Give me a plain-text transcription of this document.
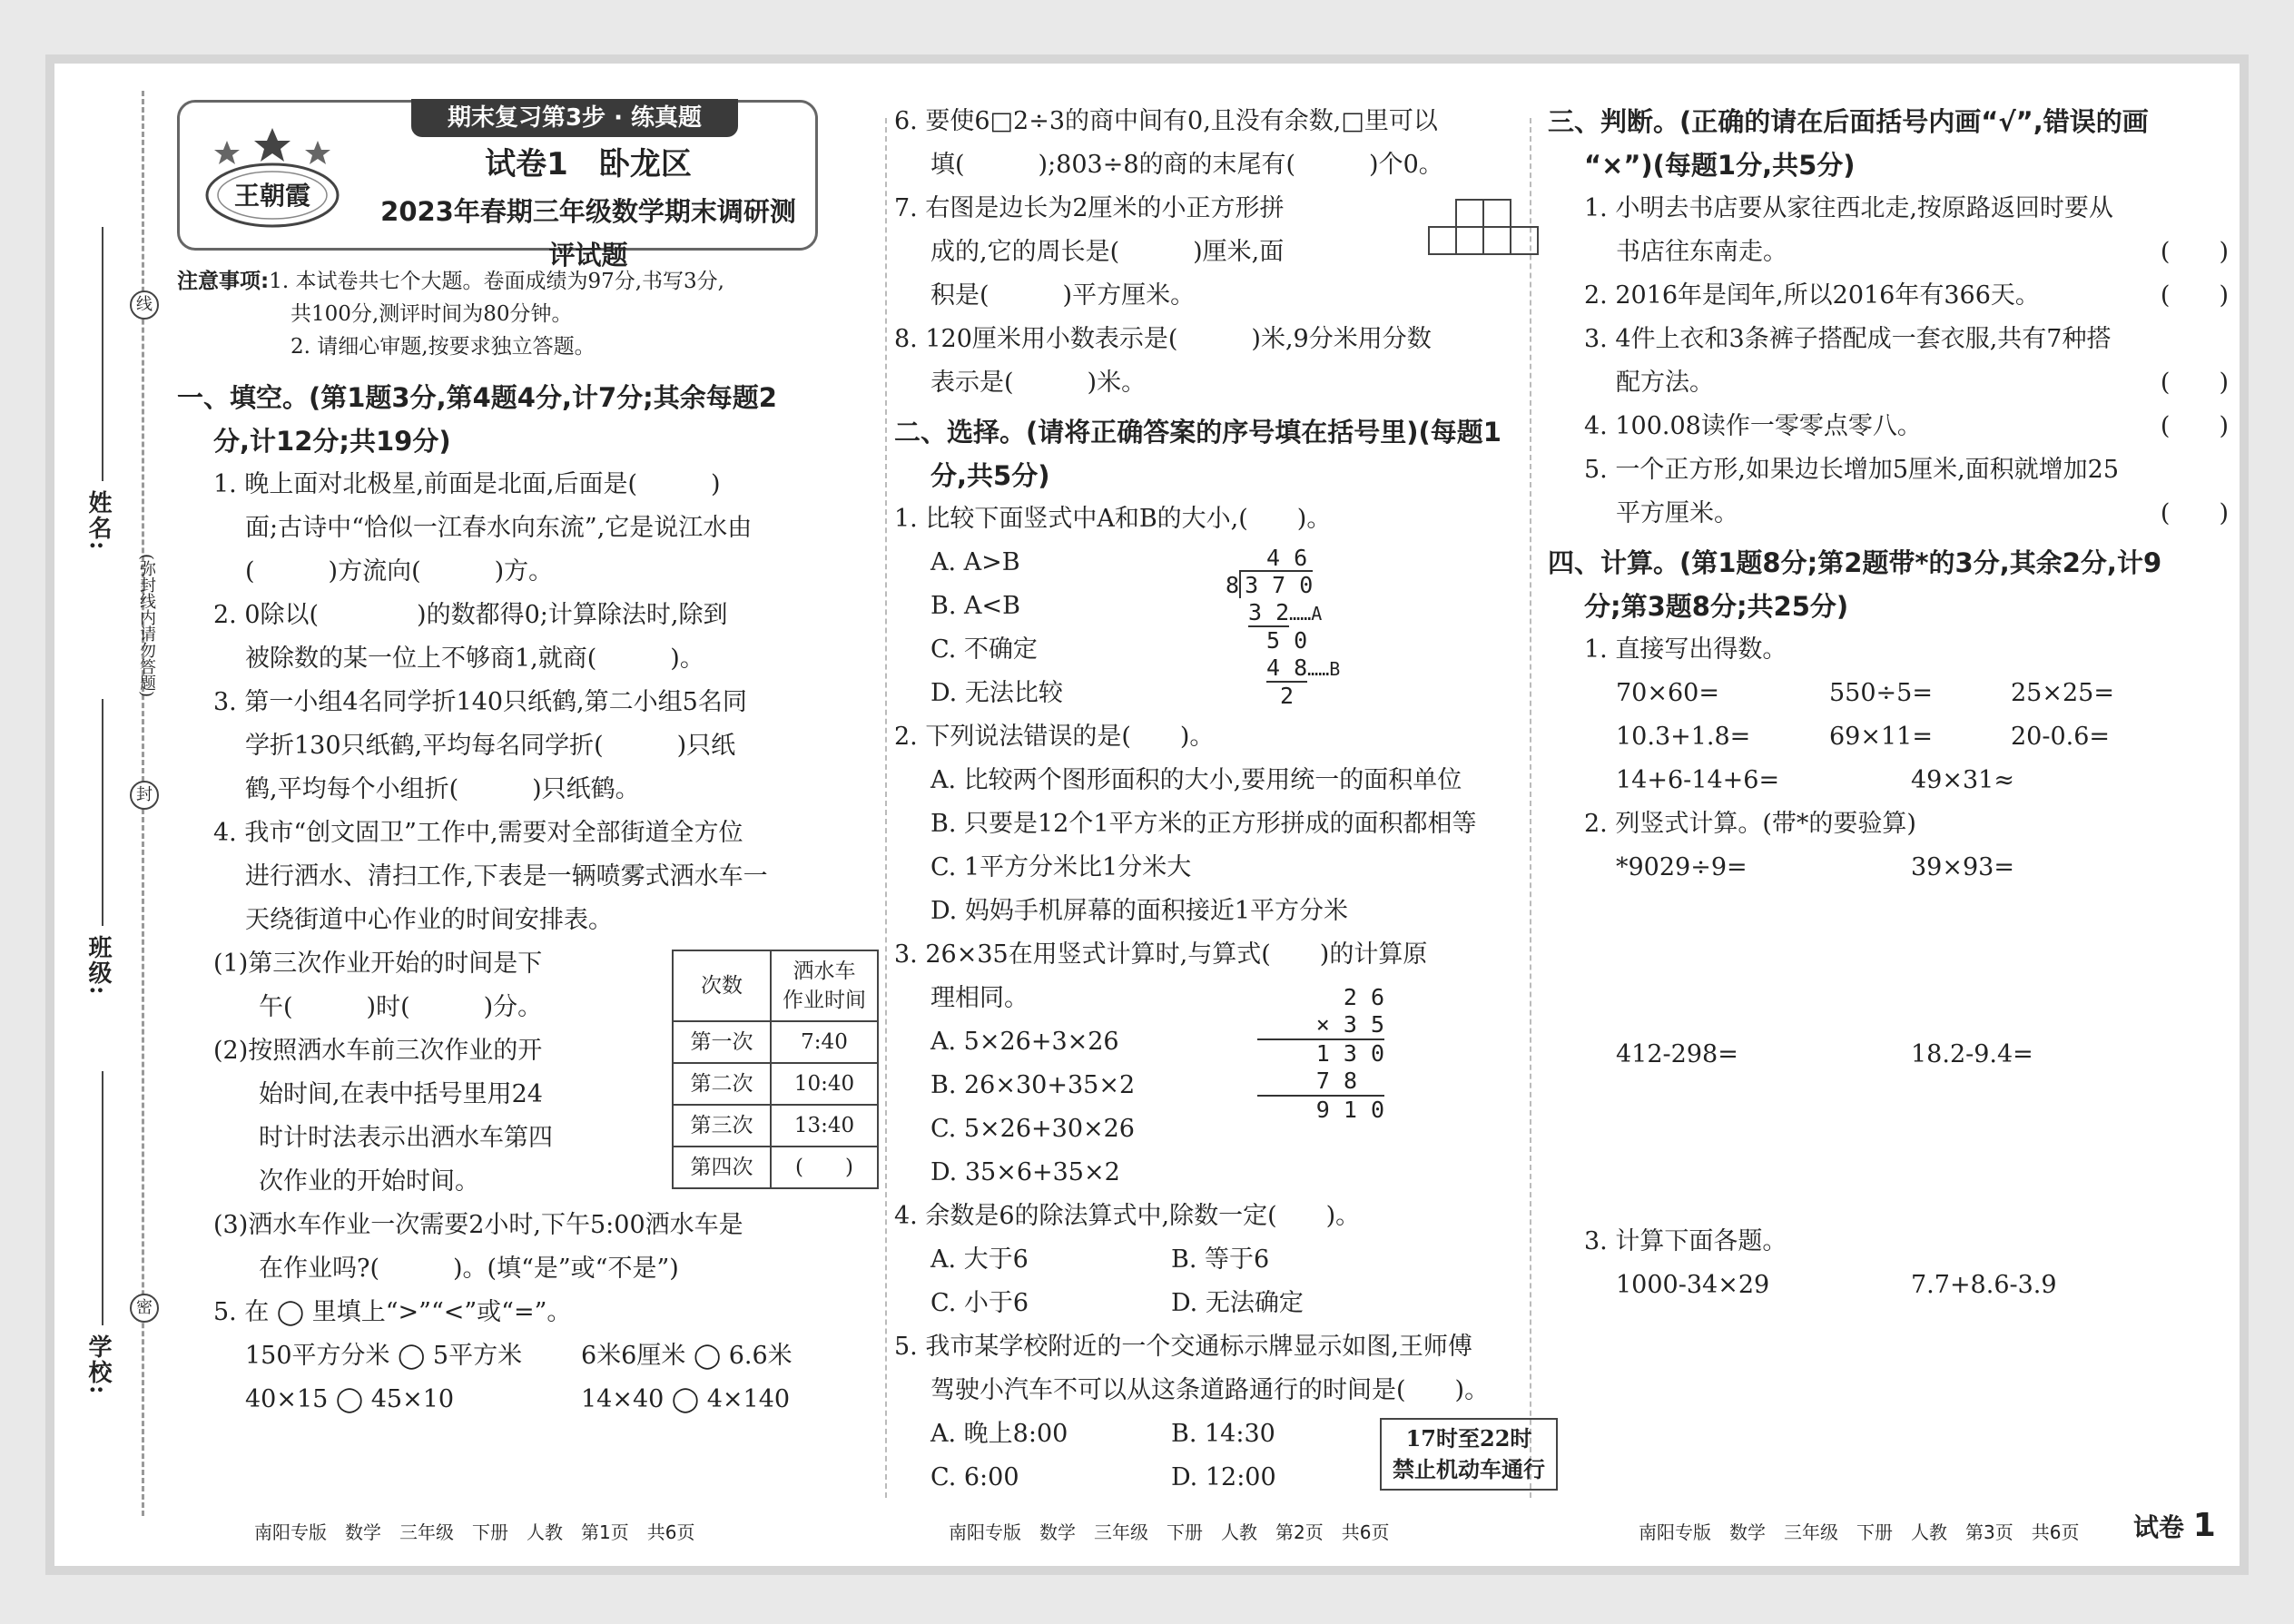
学校:
班级:
姓名:
线
封
密
(弥封线内请勿答题)
王朝霞
期末复习第3步 · 练真题
试卷1　卧龙区
2023年春期三年级数学期末调研测评试题
注意事项:1. 本试卷共七个大题。卷面成绩为97分,书写3分,
共100分,测评时间为80分钟。
2. 请细心审题,按要求独立答题。
一、填空。(第1题3分,第4题4分,计7分;其余每题2
分,计12分;共19分)
1. 晚上面对北极星,前面是北面,后面是(　　　)
面;古诗中“恰似一江春水向东流”,它是说江水由
(　　　)方流向(　　　)方。
2. 0除以(　　　　)的数都得0;计算除法时,除到
被除数的某一位上不够商1,就商(　　　)。
3. 第一小组4名同学折140只纸鹤,第二小组5名同
学折130只纸鹤,平均每名同学折(　　　)只纸
鹤,平均每个小组折(　　　)只纸鹤。
4. 我市“创文固卫”工作中,需要对全部街道全方位
进行洒水、清扫工作,下表是一辆喷雾式洒水车一
天绕街道中心作业的时间安排表。
(1)第三次作业开始的时间是下
午(　　　)时(　　　)分。
(2)按照洒水车前三次作业的开
始时间,在表中括号里用24
时计时法表示出洒水车第四
次数	洒水车
作业时间

第一次	7:40
第二次	10:40
第三次	13:40
第四次	(　　)
次作业的开始时间。
(3)洒水车作业一次需要2小时,下午5:00洒水车是
在作业吗?(　　　)。(填“是”或“不是”)
5. 在 ◯ 里填上“>”“<”或“=”。
150平方分米 ◯ 5平方米 6米6厘米 ◯ 6.6米
40×15 ◯ 45×10	14×40 ◯ 4×140
6. 要使6□2÷3的商中间有0,且没有余数,□里可以
填(　　　);803÷8的商的末尾有(　　　)个0。
7. 右图是边长为2厘米的小正方形拼
成的,它的周长是(　　　)厘米,面
积是(　　　)平方厘米。
8. 120厘米用小数表示是(　　　)米,9分米用分数
表示是(　　　)米。
二、选择。(请将正确答案的序号填在括号里)(每题1
分,共5分)
1. 比较下面竖式中A和B的大小,(　　)。
A. A>B
B. A<B
C. 不确定
D. 无法比较
4 6
8 3 7 0
3 2……A
5 0
4 8……B
2
2. 下列说法错误的是(　　)。
A. 比较两个图形面积的大小,要用统一的面积单位
B. 只要是12个1平方米的正方形拼成的面积都相等
C. 1平方分米比1分米大
D. 妈妈手机屏幕的面积接近1平方分米
3. 26×35在用竖式计算时,与算式(　　)的计算原
理相同。
A. 5×26+3×26
B. 26×30+35×2
C. 5×26+30×26
D. 35×6+35×2
2 6
× 3 5
1 3 0
7 8
9 1 0
4. 余数是6的除法算式中,除数一定(　　)。
A. 大于6	B. 等于6
C. 小于6	D. 无法确定
5. 我市某学校附近的一个交通标示牌显示如图,王师傅
驾驶小汽车不可以从这条道路通行的时间是(　　)。
A. 晚上8:00	B. 14:30
C. 6:00	D. 12:00
17时至22时
禁止机动车通行
三、判断。(正确的请在后面括号内画“√”,错误的画
“×”)(每题1分,共5分)
1. 小明去书店要从家往西北走,按原路返回时要从
书店往东南走。	(　　)
2. 2016年是闰年,所以2016年有366天。	(　　)
3. 4件上衣和3条裤子搭配成一套衣服,共有7种搭
配方法。	(　　)
4. 100.08读作一零零点零八。	(　　)
5. 一个正方形,如果边长增加5厘米,面积就增加25
平方厘米。	(　　)
四、计算。(第1题8分;第2题带*的3分,其余2分,计9
分;第3题8分;共25分)
1. 直接写出得数。
70×60=	550÷5=	25×25=
10.3+1.8=	69×11=	20-0.6=
14+6-14+6=	49×31≈
2. 列竖式计算。(带*的要验算)
*9029÷9=	39×93=
412-298=	18.2-9.4=
3. 计算下面各题。
1000-34×29	7.7+8.6-3.9
南阳专版　数学　三年级　下册　人教　第1页　共6页	南阳专版　数学　三年级　下册　人教　第2页　共6页	南阳专版　数学　三年级　下册　人教　第3页　共6页 试卷 1
